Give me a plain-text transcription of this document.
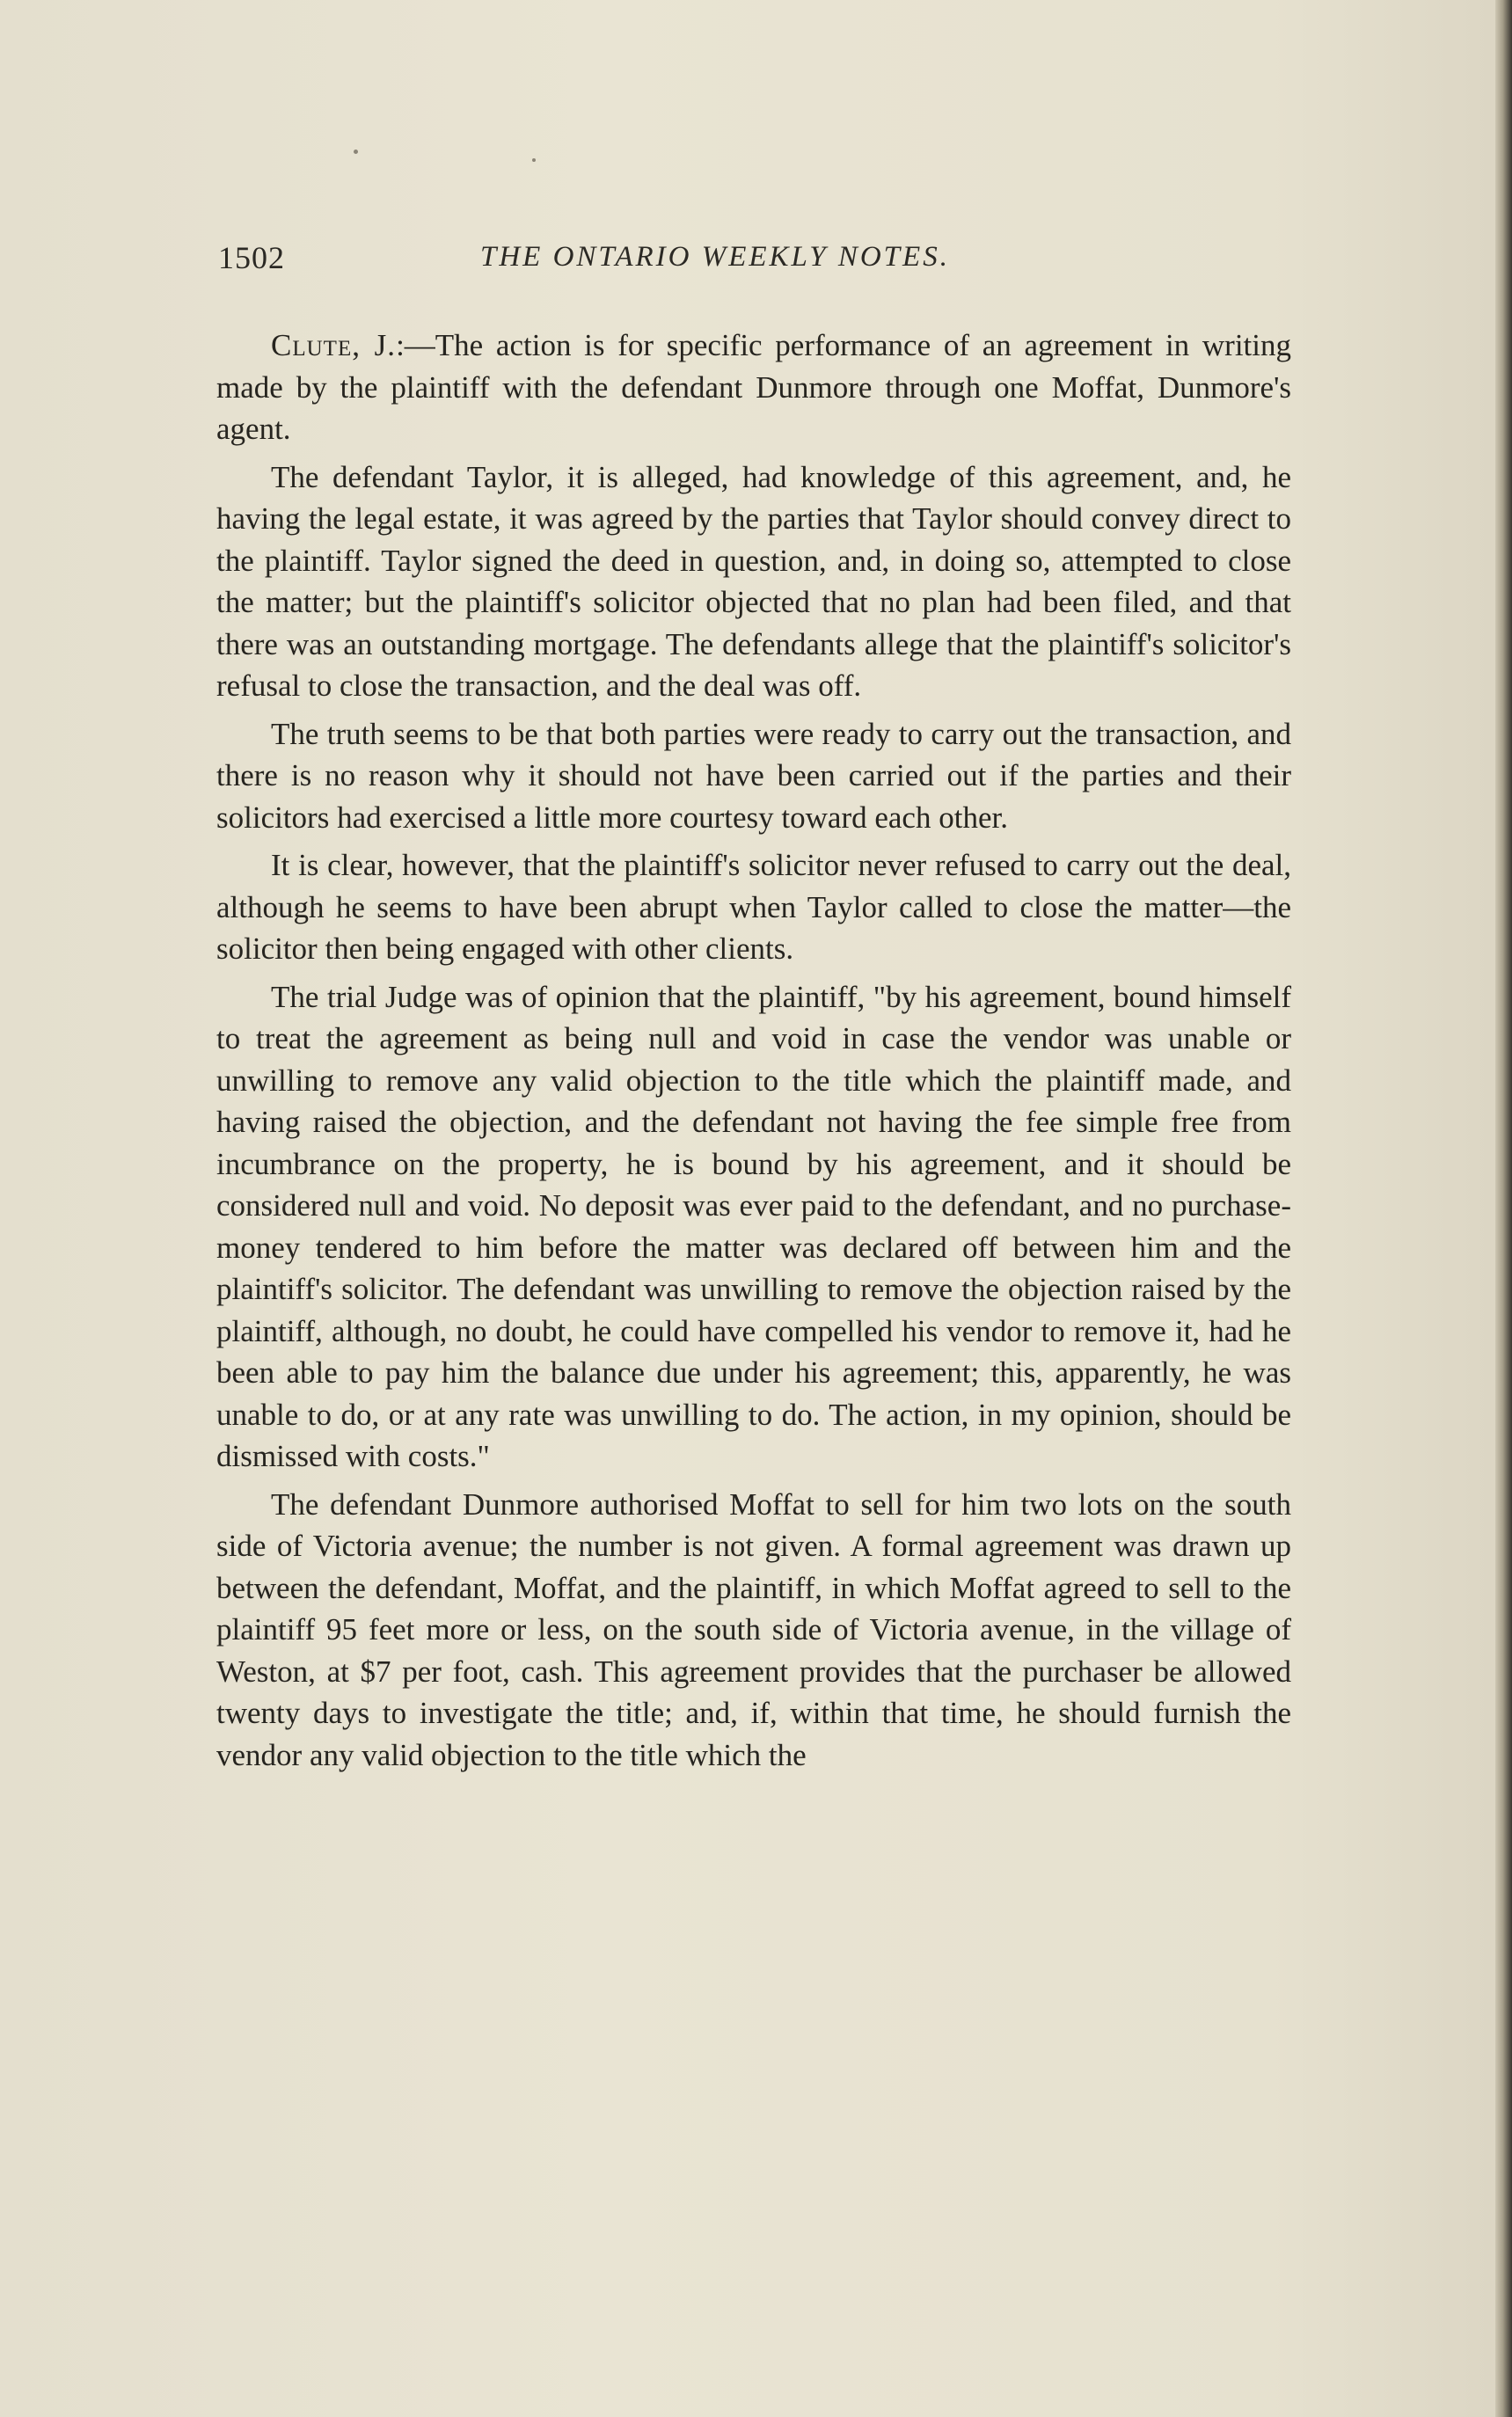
1502	THE ONTARIO WEEKLY NOTES.

Clute, J.:—The action is for specific performance of an agreement in writing made by the plaintiff with the defendant Dunmore through one Moffat, Dunmore's agent.

The defendant Taylor, it is alleged, had knowledge of this agreement, and, he having the legal estate, it was agreed by the parties that Taylor should convey direct to the plaintiff. Taylor signed the deed in question, and, in doing so, attempted to close the matter; but the plaintiff's solicitor objected that no plan had been filed, and that there was an outstanding mortgage. The defendants allege that the plaintiff's solicitor's refusal to close the transaction, and the deal was off.

The truth seems to be that both parties were ready to carry out the transaction, and there is no reason why it should not have been carried out if the parties and their solicitors had exercised a little more courtesy toward each other.

It is clear, however, that the plaintiff's solicitor never refused to carry out the deal, although he seems to have been abrupt when Taylor called to close the matter—the solicitor then being engaged with other clients.

The trial Judge was of opinion that the plaintiff, "by his agreement, bound himself to treat the agreement as being null and void in case the vendor was unable or unwilling to remove any valid objection to the title which the plaintiff made, and having raised the objection, and the defendant not having the fee simple free from incumbrance on the property, he is bound by his agreement, and it should be considered null and void. No deposit was ever paid to the defendant, and no purchase-money tendered to him before the matter was declared off between him and the plaintiff's solicitor. The defendant was unwilling to remove the objection raised by the plaintiff, although, no doubt, he could have compelled his vendor to remove it, had he been able to pay him the balance due under his agreement; this, apparently, he was unable to do, or at any rate was unwilling to do. The action, in my opinion, should be dismissed with costs."

The defendant Dunmore authorised Moffat to sell for him two lots on the south side of Victoria avenue; the number is not given. A formal agreement was drawn up between the defendant, Moffat, and the plaintiff, in which Moffat agreed to sell to the plaintiff 95 feet more or less, on the south side of Victoria avenue, in the village of Weston, at $7 per foot, cash. This agreement provides that the purchaser be allowed twenty days to investigate the title; and, if, within that time, he should furnish the vendor any valid objection to the title which the
